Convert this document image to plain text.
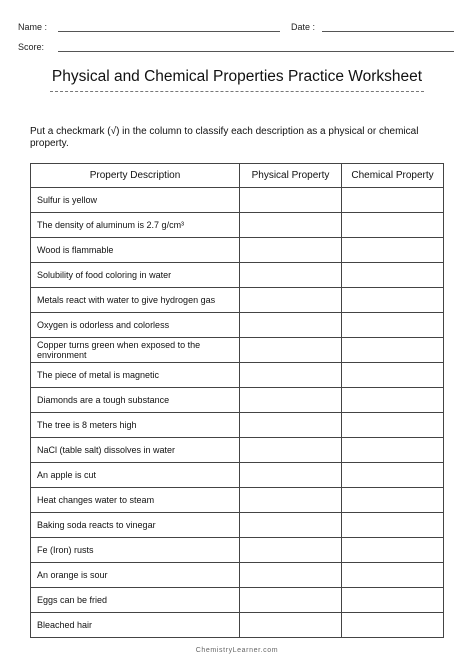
Name :	Date :
Score:
Physical and Chemical Properties Practice Worksheet
Put a checkmark (√) in the column to classify each description as a physical or chemical property.
Property Description	Physical Property	Chemical Property
Sulfur is yellow		
The density of aluminum is 2.7 g/cm³		
Wood is flammable		
Solubility of food coloring in water		
Metals react with water to give hydrogen gas		
Oxygen is odorless and colorless		
Copper turns green when exposed to the environment		
The piece of metal is magnetic		
Diamonds are a tough substance		
The tree is 8 meters high		
NaCl (table salt) dissolves in water		
An apple is cut		
Heat changes water to steam		
Baking soda reacts to vinegar		
Fe (Iron) rusts		
An orange is sour		
Eggs can be fried		
Bleached hair		
ChemistryLearner.com
